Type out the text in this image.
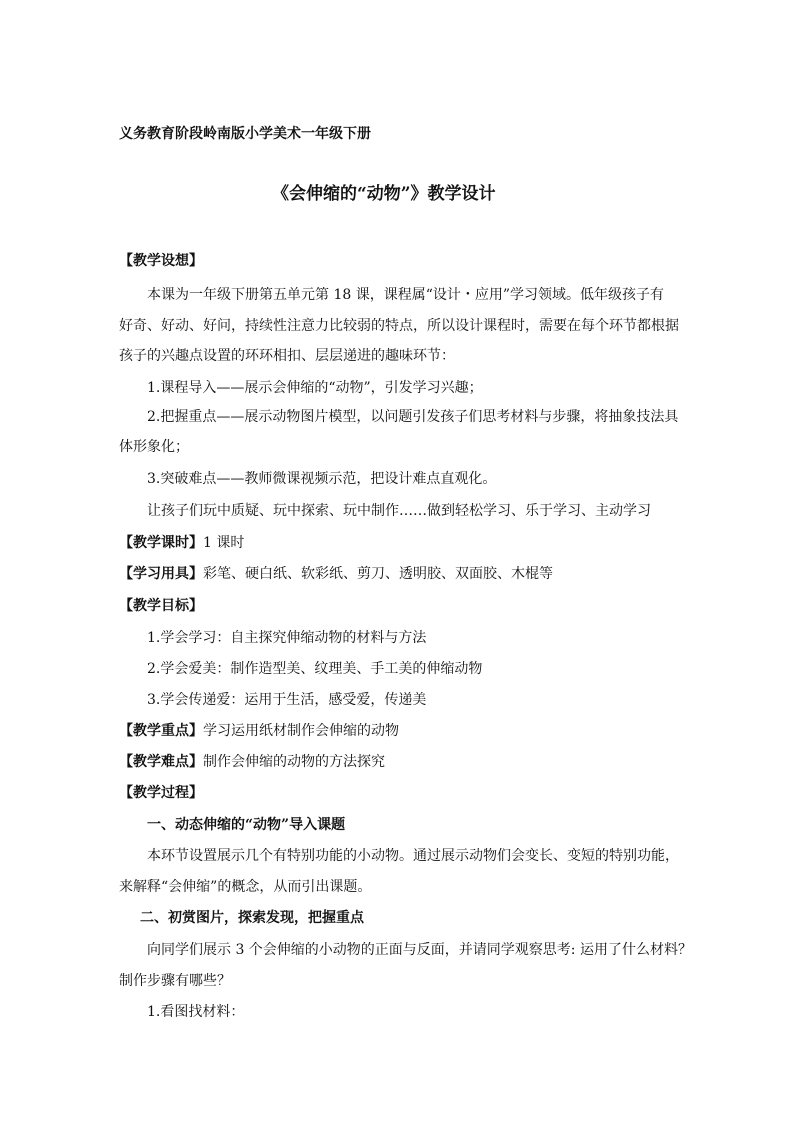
义务教育阶段岭南版小学美术一年级下册
《会伸缩的“动物”》教学设计
【教学设想】
本课为一年级下册第五单元第 18 课，课程属“设计・应用”学习领域。低年级孩子有
好奇、好动、好问，持续性注意力比较弱的特点，所以设计课程时，需要在每个环节都根据
孩子的兴趣点设置的环环相扣、层层递进的趣味环节：
1.课程导入——展示会伸缩的“动物”，引发学习兴趣；
2.把握重点——展示动物图片模型，以问题引发孩子们思考材料与步骤，将抽象技法具
体形象化；
3.突破难点——教师微课视频示范，把设计难点直观化。
让孩子们玩中质疑、玩中探索、玩中制作……做到轻松学习、乐于学习、主动学习
【教学课时】1 课时
【学习用具】彩笔、硬白纸、软彩纸、剪刀、透明胶、双面胶、木棍等
【教学目标】
1.学会学习：自主探究伸缩动物的材料与方法
2.学会爱美：制作造型美、纹理美、手工美的伸缩动物
3.学会传递爱：运用于生活，感受爱，传递美
【教学重点】学习运用纸材制作会伸缩的动物
【教学难点】制作会伸缩的动物的方法探究
【教学过程】
一、动态伸缩的“动物”导入课题
本环节设置展示几个有特别功能的小动物。通过展示动物们会变长、变短的特别功能，
来解释“会伸缩”的概念，从而引出课题。
二、初赏图片，探索发现，把握重点
向同学们展示 3 个会伸缩的小动物的正面与反面，并请同学观察思考: 运用了什么材料？
制作步骤有哪些？
1.看图找材料：
